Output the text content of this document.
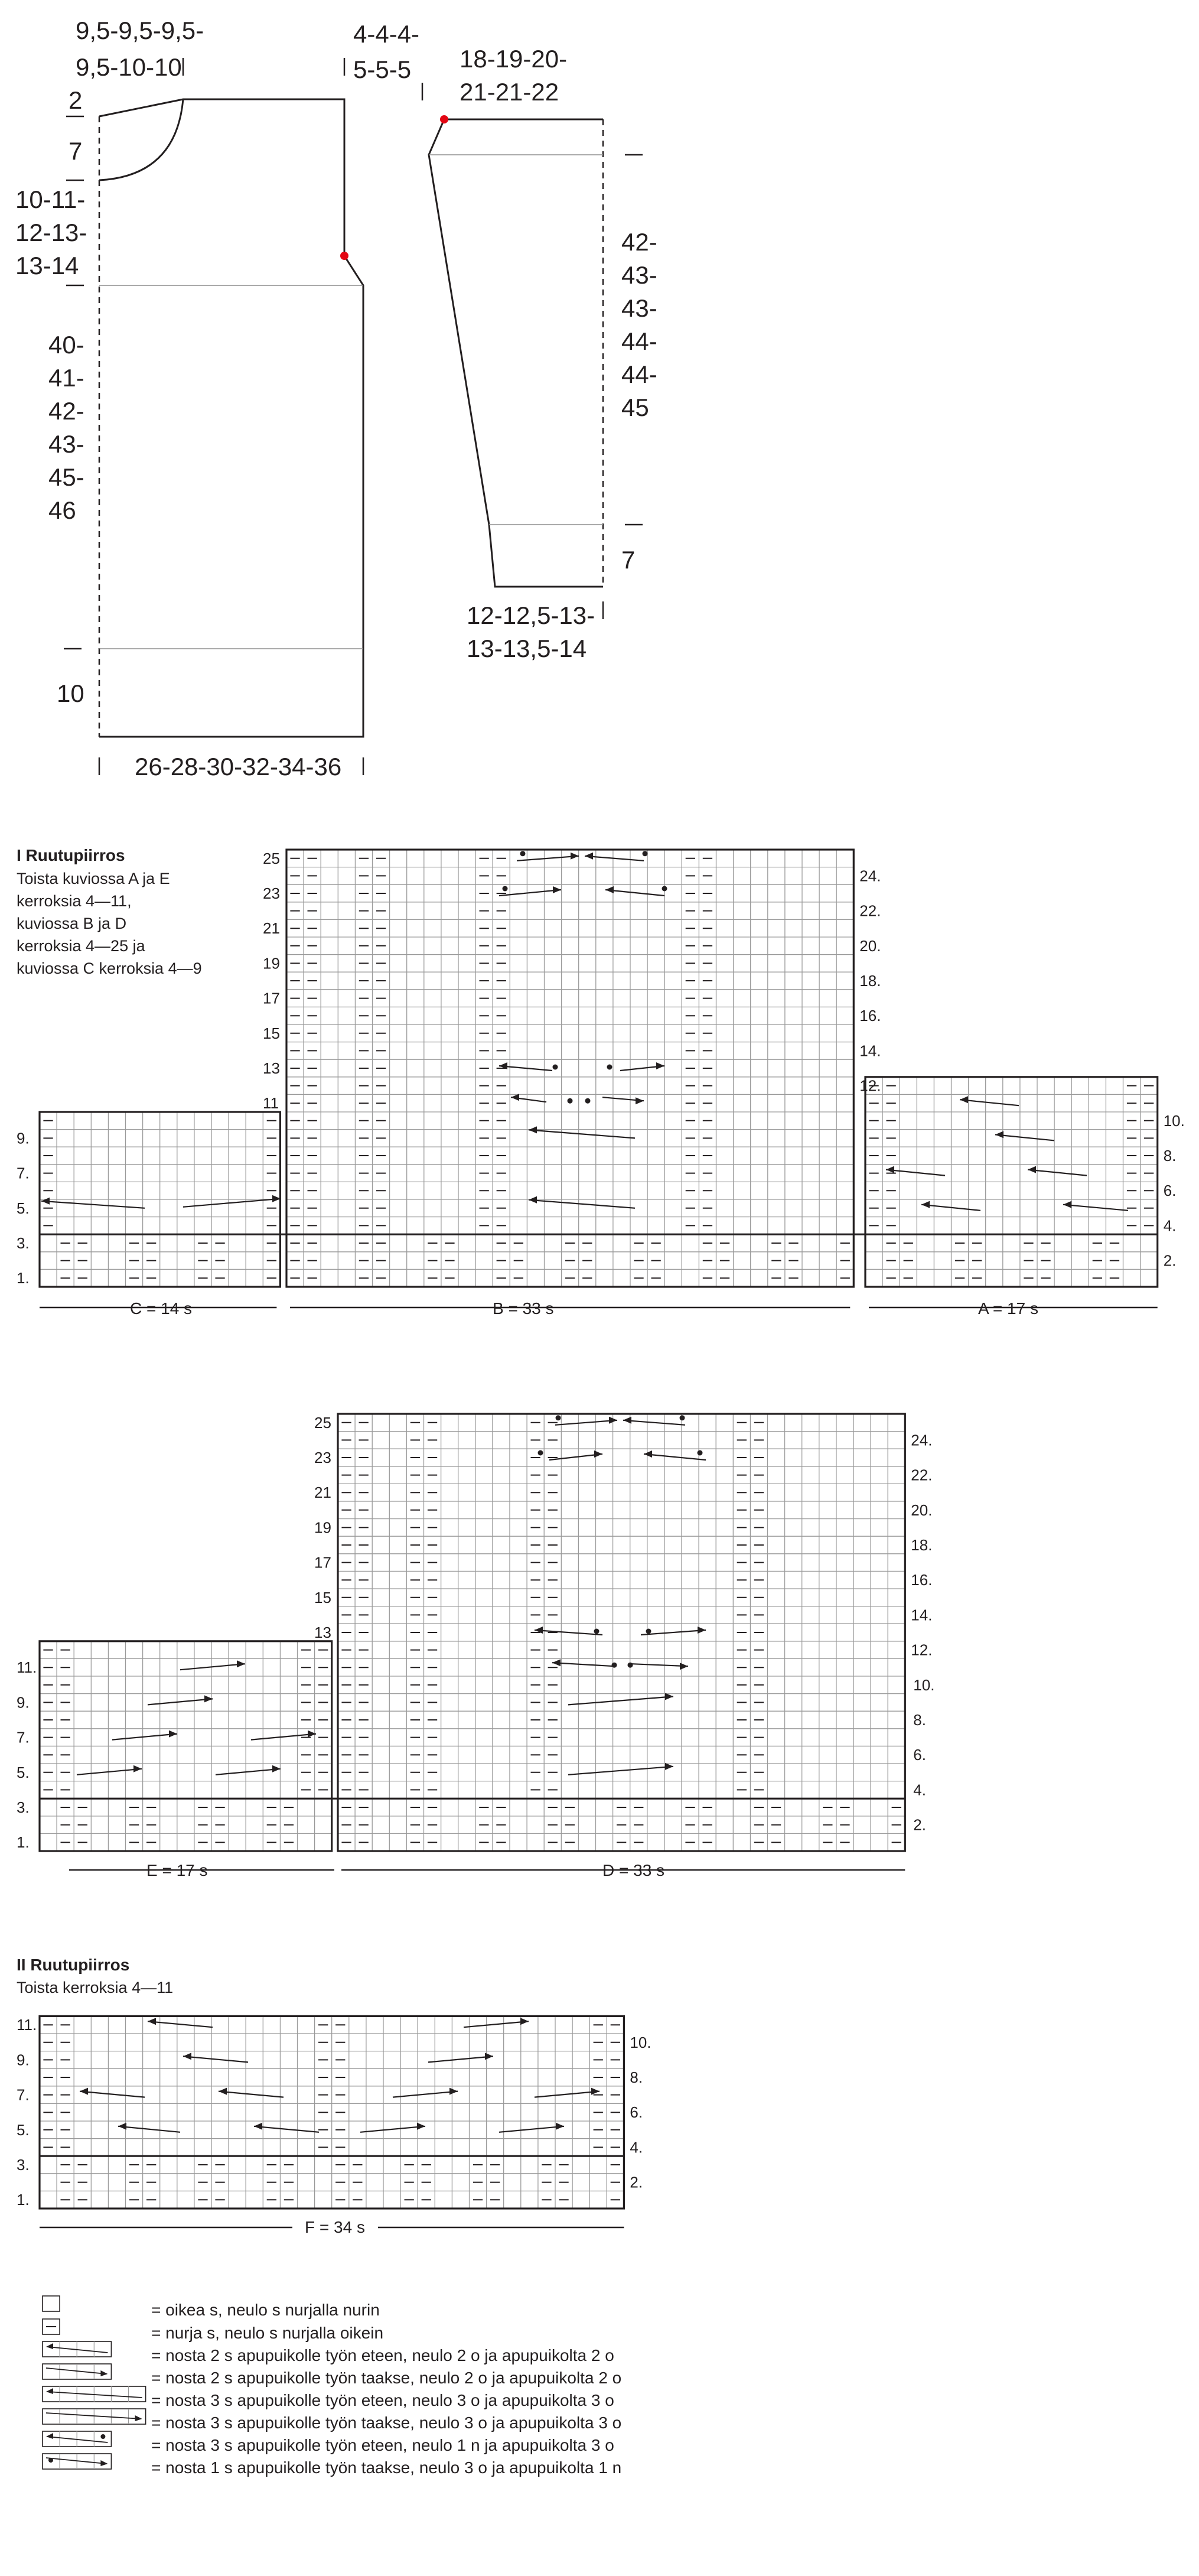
9,5-9,5-9,5-
9,5-10-10
4-4-4-
5-5-5
2
7
10-11-
12-13-
13-14
40-
41-
42-
43-
45-
46
10
26-28-30-32-34-36
18-19-20-
21-21-22
42-
43-
43-
44-
44-
45
7
12-12,5-13-
13-13,5-14
I Ruutupiirros
Toista kuviossa A ja E
kerroksia 4—11,
kuviossa B ja D
kerroksia 4—25 ja
kuviossa C kerroksia 4—9
1.
3.
5.
7.
9.
11
13
15
17
19
21
23
25
2.
4.
6.
8.
10.
12.
14.
16.
18.
20.
22.
24.
1.
3.
5.
7.
9.
11.
13
15
17
19
21
23
25
2.
4.
6.
8.
10.
12.
14.
16.
18.
20.
22.
24.
II Ruutupiirros
Toista kerroksia 4—11
1.
3.
5.
7.
9.
11.
2.
4.
6.
8.
10.
C = 14 s	B = 33 s	A = 17 s
E = 17 s	D = 33 s
F = 34 s
= oikea s, neulo s nurjalla nurin
= nurja s, neulo s nurjalla oikein
= nosta 2 s apupuikolle työn eteen, neulo 2 o ja apupuikolta 2 o
= nosta 2 s apupuikolle työn taakse, neulo 2 o ja apupuikolta 2 o
= nosta 3 s apupuikolle työn eteen, neulo 3 o ja apupuikolta 3 o
= nosta 3 s apupuikolle työn taakse, neulo 3 o ja apupuikolta 3 o
= nosta 3 s apupuikolle työn eteen, neulo 1 n ja apupuikolta 3 o
= nosta 1 s apupuikolle työn taakse, neulo 3 o ja apupuikolta 1 n
